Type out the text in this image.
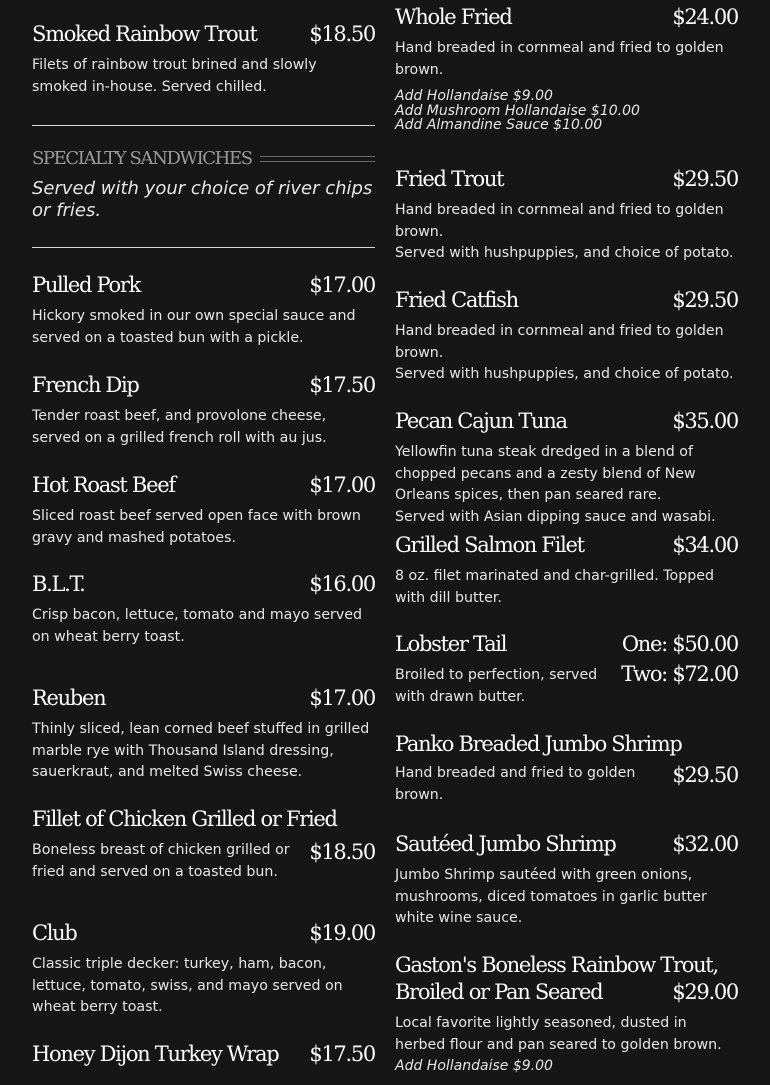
Smoked Rainbow Trout	$18.50
Filets of rainbow trout brined and slowly smoked in-house. Served chilled.
SPECIALTY SANDWICHES
Served with your choice of river chips or fries.
Pulled Pork	$17.00
Hickory smoked in our own special sauce and served on a toasted bun with a pickle.
French Dip	$17.50
Tender roast beef, and provolone cheese, served on a grilled french roll with au jus.
Hot Roast Beef	$17.00
Sliced roast beef served open face with brown gravy and mashed potatoes.
B.L.T.	$16.00
Crisp bacon, lettuce, tomato and mayo served on wheat berry toast.
Reuben	$17.00
Thinly sliced, lean corned beef stuffed in grilled marble rye with Thousand Island dressing, sauerkraut, and melted Swiss cheese.
Fillet of Chicken Grilled or Fried
Boneless breast of chicken grilled or fried and served on a toasted bun.
$18.50
Club	$19.00
Classic triple decker: turkey, ham, bacon, lettuce, tomato, swiss, and mayo served on wheat berry toast.
Honey Dijon Turkey Wrap $17.50
Whole Fried	$24.00
Hand breaded in cornmeal and fried to golden brown.
Add Hollandaise $9.00
Add Mushroom Hollandaise $10.00
Add Almandine Sauce $10.00
Fried Trout	$29.50
Hand breaded in cornmeal and fried to golden brown.
Served with hushpuppies, and choice of potato.
Fried Catfish	$29.50
Hand breaded in cornmeal and fried to golden brown.
Served with hushpuppies, and choice of potato.
Pecan Cajun Tuna	$35.00
Yellowfin tuna steak dredged in a blend of chopped pecans and a zesty blend of New Orleans spices, then pan seared rare.
Served with Asian dipping sauce and wasabi.
Grilled Salmon Filet	$34.00
8 oz. filet marinated and char-grilled. Topped with dill butter.
Lobster Tail	One: $50.00
Broiled to perfection, served with drawn butter.
Two: $72.00
Panko Breaded Jumbo Shrimp
Hand breaded and fried to golden brown.
$29.50
Sautéed Jumbo Shrimp	$32.00
Jumbo Shrimp sautéed with green onions, mushrooms, diced tomatoes in garlic butter white wine sauce.
Gaston's Boneless Rainbow Trout,
Broiled or Pan Seared	$29.00
Local favorite lightly seasoned, dusted in herbed flour and pan seared to golden brown.
Add Hollandaise $9.00
